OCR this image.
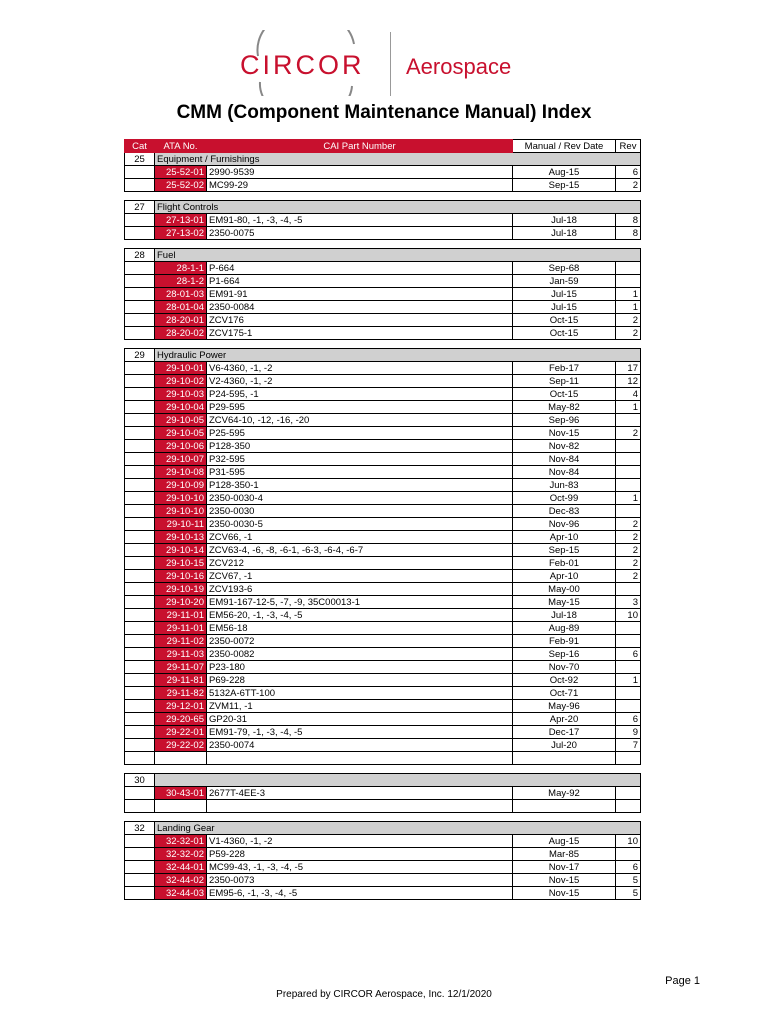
CIRCOR Aerospace
CMM (Component Maintenance Manual) Index
Cat	ATA No.	CAI Part Number	Manual / Rev Date	Rev
25	Equipment / Furnishings			
	25-52-01	2990-9539	Aug-15	6
	25-52-02	MC99-29	Sep-15	2

27	Flight Controls			
	27-13-01	EM91-80, -1, -3, -4, -5	Jul-18	8
	27-13-02	2350-0075	Jul-18	8

28	Fuel			
	28-1-1	P-664	Sep-68	
	28-1-2	P1-664	Jan-59	
	28-01-03	EM91-91	Jul-15	1
	28-01-04	2350-0084	Jul-15	1
	28-20-01	ZCV176	Oct-15	2
	28-20-02	ZCV175-1	Oct-15	2

29	Hydraulic Power			
	29-10-01	V6-4360, -1, -2	Feb-17	17
	29-10-02	V2-4360, -1, -2	Sep-11	12
	29-10-03	P24-595, -1	Oct-15	4
	29-10-04	P29-595	May-82	1
	29-10-05	ZCV64-10, -12, -16, -20	Sep-96	
	29-10-05	P25-595	Nov-15	2
	29-10-06	P128-350	Nov-82	
	29-10-07	P32-595	Nov-84	
	29-10-08	P31-595	Nov-84	
	29-10-09	P128-350-1	Jun-83	
	29-10-10	2350-0030-4	Oct-99	1
	29-10-10	2350-0030	Dec-83	
	29-10-11	2350-0030-5	Nov-96	2
	29-10-13	ZCV66, -1	Apr-10	2
	29-10-14	ZCV63-4, -6, -8, -6-1, -6-3, -6-4, -6-7	Sep-15	2
	29-10-15	ZCV212	Feb-01	2
	29-10-16	ZCV67, -1	Apr-10	2
	29-10-19	ZCV193-6	May-00	
	29-10-20	EM91-167-12-5, -7, -9, 35C00013-1	May-15	3
	29-11-01	EM56-20, -1, -3, -4, -5	Jul-18	10
	29-11-01	EM56-18	Aug-89	
	29-11-02	2350-0072	Feb-91	
	29-11-03	2350-0082	Sep-16	6
	29-11-07	P23-180	Nov-70	
	29-11-81	P69-228	Oct-92	1
	29-11-82	5132A-6TT-100	Oct-71	
	29-12-01	ZVM11, -1	May-96	
	29-20-65	GP20-31	Apr-20	6
	29-22-01	EM91-79, -1, -3, -4, -5	Dec-17	9
	29-22-02	2350-0074	Jul-20	7

30				
	30-43-01	2677T-4EE-3	May-92	

32	Landing Gear			
	32-32-01	V1-4360, -1, -2	Aug-15	10
	32-32-02	P59-228	Mar-85	
	32-44-01	MC99-43, -1, -3, -4, -5	Nov-17	6
	32-44-02	2350-0073	Nov-15	5
	32-44-03	EM95-6, -1, -3, -4, -5	Nov-15	5
Page 1
Prepared by CIRCOR Aerospace, Inc. 12/1/2020
